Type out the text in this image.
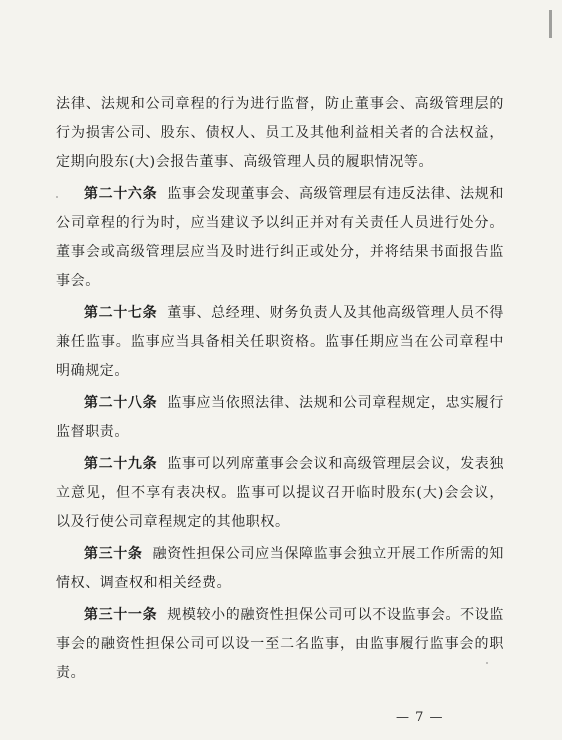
法律、法规和公司章程的行为进行监督，防止董事会、高级管理层的行为损害公司、股东、债权人、员工及其他利益相关者的合法权益，定期向股东(大)会报告董事、高级管理人员的履职情况等。

第二十六条 监事会发现董事会、高级管理层有违反法律、法规和公司章程的行为时，应当建议予以纠正并对有关责任人员进行处分。董事会或高级管理层应当及时进行纠正或处分，并将结果书面报告监事会。

第二十七条 董事、总经理、财务负责人及其他高级管理人员不得兼任监事。监事应当具备相关任职资格。监事任期应当在公司章程中明确规定。

第二十八条 监事应当依照法律、法规和公司章程规定，忠实履行监督职责。

第二十九条 监事可以列席董事会会议和高级管理层会议，发表独立意见，但不享有表决权。监事可以提议召开临时股东(大)会会议，以及行使公司章程规定的其他职权。

第三十条 融资性担保公司应当保障监事会独立开展工作所需的知情权、调查权和相关经费。

第三十一条 规模较小的融资性担保公司可以不设监事会。不设监事会的融资性担保公司可以设一至二名监事，由监事履行监事会的职责。

— 7 —
